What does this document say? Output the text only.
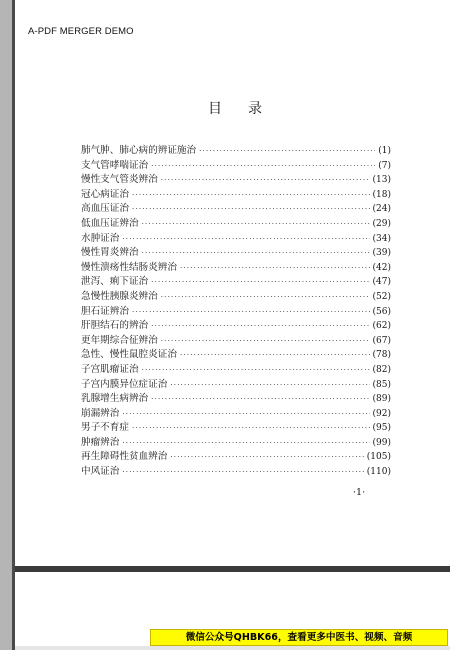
A-PDF MERGER DEMO
目录
肺气肿、肺心病的辨证施治 ·····	(1)
支气管哮喘证治 ·····	(7)
慢性支气管炎辨治 ·····	(13)
冠心病证治 ·····	(18)
高血压证治 ·····	(24)
低血压证辨治 ·····	(29)
水肿证治 ·····	(34)
慢性胃炎辨治 ·····	(39)
慢性溃疡性结肠炎辨治 ·····	(42)
泄泻、痢下证治 ·····	(47)
急慢性胰腺炎辨治 ·····	(52)
胆石证辨治 ·····	(56)
肝胆结石的辨治 ·····	(62)
更年期综合征辨治 ·····	(67)
急性、慢性鼠腔炎证治 ·····	(78)
子宫肌瘤证治 ·····	(82)
子宫内膜异位症证治 ·····	(85)
乳腺增生病辨治 ·····	(89)
崩漏辨治 ·····	(92)
男子不育症 ·····	(95)
肿瘤辨治 ·····	(99)
再生障碍性贫血辨治 ·····	(105)
中风证治 ·····	(110)
·1·
微信公众号QHBK66，查看更多中医书、视频、音频
